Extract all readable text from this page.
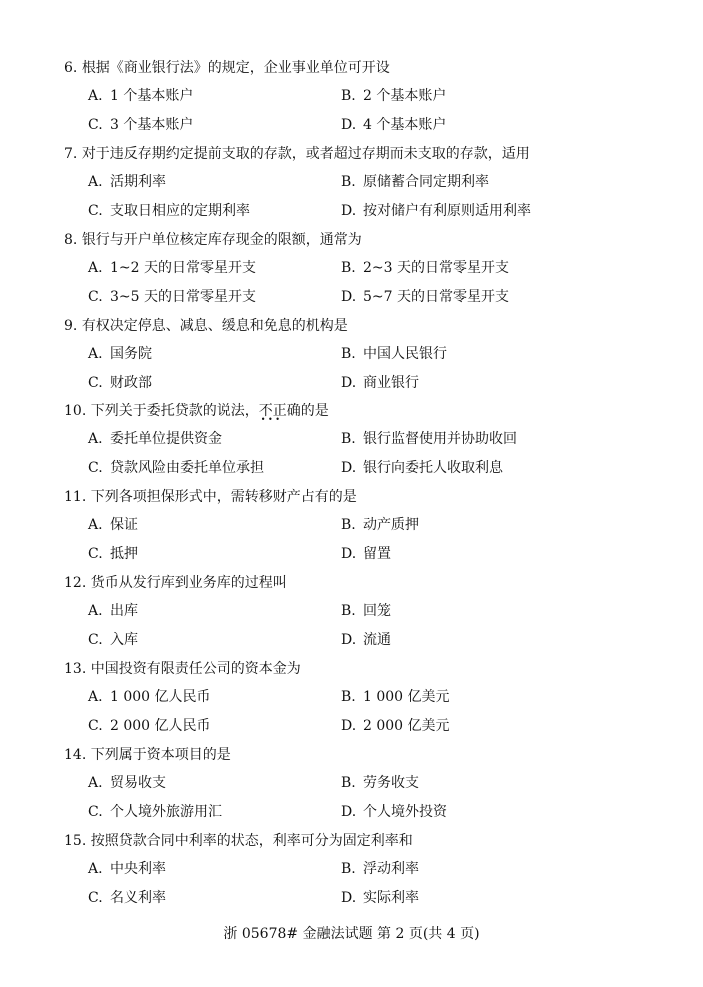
6. 根据《商业银行法》的规定，企业事业单位可开设
A. 1 个基本账户	B. 2 个基本账户
C. 3 个基本账户	D. 4 个基本账户
7. 对于违反存期约定提前支取的存款，或者超过存期而未支取的存款，适用
A. 活期利率	B. 原储蓄合同定期利率
C. 支取日相应的定期利率	D. 按对储户有利原则适用利率
8. 银行与开户单位核定库存现金的限额，通常为
A. 1~2 天的日常零星开支	B. 2~3 天的日常零星开支
C. 3~5 天的日常零星开支	D. 5~7 天的日常零星开支
9. 有权决定停息、减息、缓息和免息的机构是
A. 国务院	B. 中国人民银行
C. 财政部	D. 商业银行
10. 下列关于委托贷款的说法，不正确 • • •的是
A. 委托单位提供资金	B. 银行监督使用并协助收回
C. 贷款风险由委托单位承担	D. 银行向委托人收取利息
11. 下列各项担保形式中，需转移财产占有的是
A. 保证	B. 动产质押
C. 抵押	D. 留置
12. 货币从发行库到业务库的过程叫
A. 出库	B. 回笼
C. 入库	D. 流通
13. 中国投资有限责任公司的资本金为
A. 1 000 亿人民币	B. 1 000 亿美元
C. 2 000 亿人民币	D. 2 000 亿美元
14. 下列属于资本项目的是
A. 贸易收支	B. 劳务收支
C. 个人境外旅游用汇	D. 个人境外投资
15. 按照贷款合同中利率的状态，利率可分为固定利率和
A. 中央利率	B. 浮动利率
C. 名义利率	D. 实际利率
浙 05678# 金融法试题 第 2 页(共 4 页)
